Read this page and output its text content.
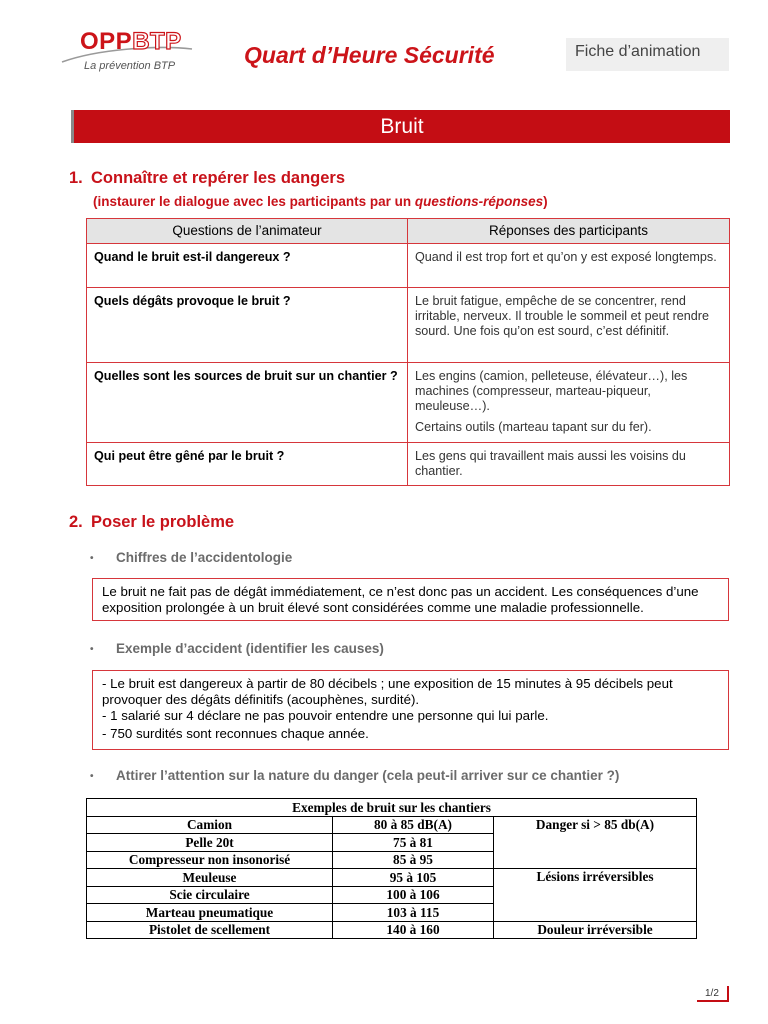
OPPBTP
La prévention BTP	Quart d’Heure Sécurité	Fiche d’animation
Bruit
1. Connaître et repérer les dangers
(instaurer le dialogue avec les participants par un questions-réponses)
Questions de l’animateur	Réponses des participants
Quand le bruit est-il dangereux ?	Quand il est trop fort et qu’on y est exposé longtemps.

Quels dégâts provoque le bruit ?	Le bruit fatigue, empêche de se concentrer, rend irritable, nerveux. Il trouble le sommeil et peut rendre sourd. Une fois qu’on est sourd, c’est définitif.

Quelles sont les sources de bruit sur un chantier ?	Les engins (camion, pelleteuse, élévateur…), les machines (compresseur, marteau-piqueur, meuleuse…).

Certains outils (marteau tapant sur du fer).

Qui peut être gêné par le bruit ?	Les gens qui travaillent mais aussi les voisins du chantier.

2. Poser le problème
• Chiffres de l’accidentologie

Le bruit ne fait pas de dégât immédiatement, ce n’est donc pas un accident. Les conséquences d’une exposition prolongée à un bruit élevé sont considérées comme une maladie professionnelle.

• Exemple d’accident (identifier les causes)

- Le bruit est dangereux à partir de 80 décibels ; une exposition de 15 minutes à 95 décibels peut provoquer des dégâts définitifs (acouphènes, surdité).

- 1 salarié sur 4 déclare ne pas pouvoir entendre une personne qui lui parle.

- 750 surdités sont reconnues chaque année.

• Attirer l’attention sur la nature du danger (cela peut-il arriver sur ce chantier ?)
Exemples de bruit sur les chantiers		
Camion	80 à 85 dB(A)	Danger si > 85 db(A)
Pelle 20t	75 à 81	
Compresseur non insonorisé	85 à 95	
Meuleuse	95 à 105	Lésions irréversibles
Scie circulaire	100 à 106	
Marteau pneumatique	103 à 115	
Pistolet de scellement	140 à 160	Douleur irréversible
1/2
